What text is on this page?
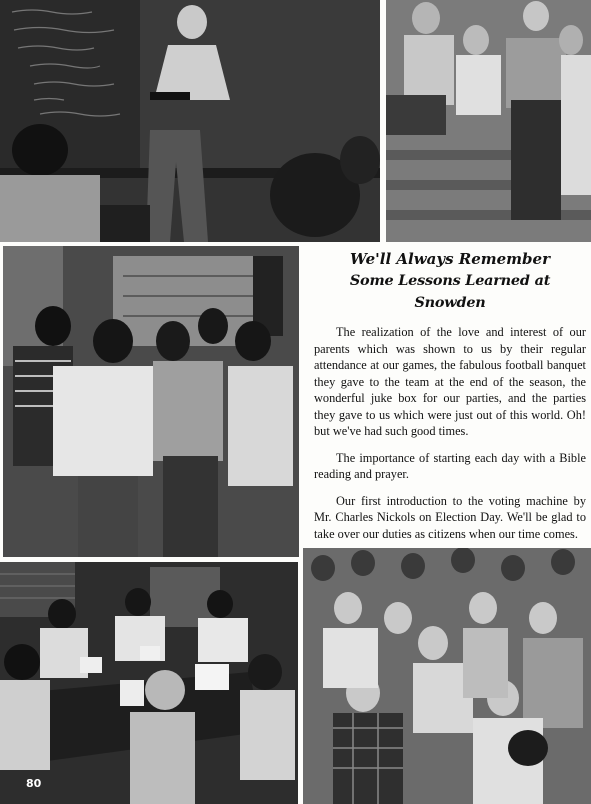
We'll Always Remember
Some Lessons Learned at Snowden

The realization of the love and interest of our parents which was shown to us by their regular attendance at our games, the fabulous football banquet they gave to the team at the end of the season, the wonderful juke box for our parties, and the parties they gave to us which were just out of this world. Oh! but we've had such good times.

The importance of starting each day with a Bible reading and prayer.

Our first introduction to the voting machine by Mr. Charles Nickols on Election Day. We'll be glad to take over our duties as citizens when our time comes.

80
